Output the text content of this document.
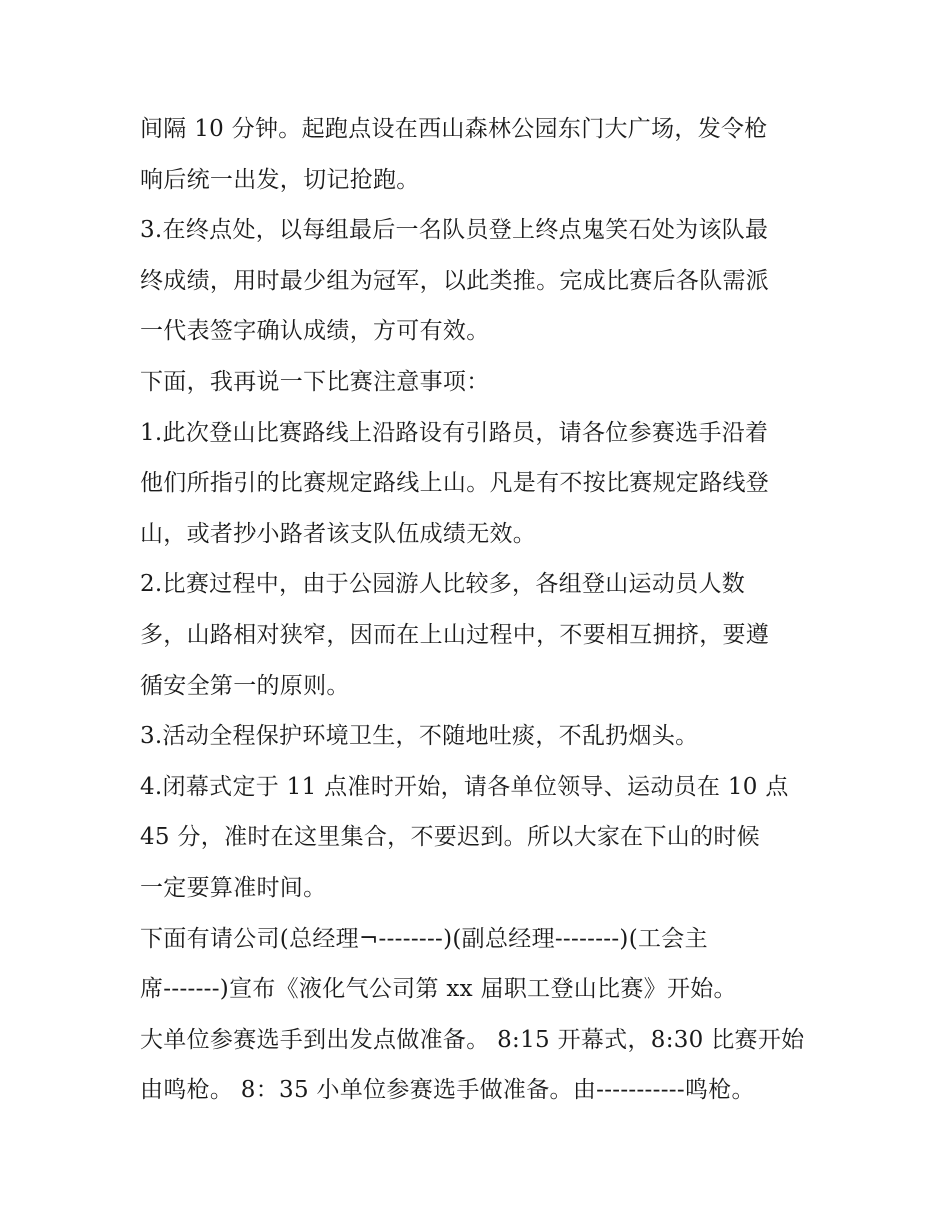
间隔 10 分钟。起跑点设在西山森林公园东门大广场，发令枪
响后统一出发，切记抢跑。
3.在终点处，以每组最后一名队员登上终点鬼笑石处为该队最
终成绩，用时最少组为冠军，以此类推。完成比赛后各队需派
一代表签字确认成绩，方可有效。
下面，我再说一下比赛注意事项：
1.此次登山比赛路线上沿路设有引路员，请各位参赛选手沿着
他们所指引的比赛规定路线上山。凡是有不按比赛规定路线登
山，或者抄小路者该支队伍成绩无效。
2.比赛过程中，由于公园游人比较多，各组登山运动员人数
多，山路相对狭窄，因而在上山过程中，不要相互拥挤，要遵
循安全第一的原则。
3.活动全程保护环境卫生，不随地吐痰，不乱扔烟头。
4.闭幕式定于 11 点准时开始，请各单位领导、运动员在 10 点
45 分，准时在这里集合，不要迟到。所以大家在下山的时候
一定要算准时间。
下面有请公司(总经理¬--------)(副总经理--------)(工会主
席-------)宣布《液化气公司第 xx 届职工登山比赛》开始。
大单位参赛选手到出发点做准备。 8:15 开幕式，8:30 比赛开始
由鸣枪。 8：35 小单位参赛选手做准备。由-----------鸣枪。
